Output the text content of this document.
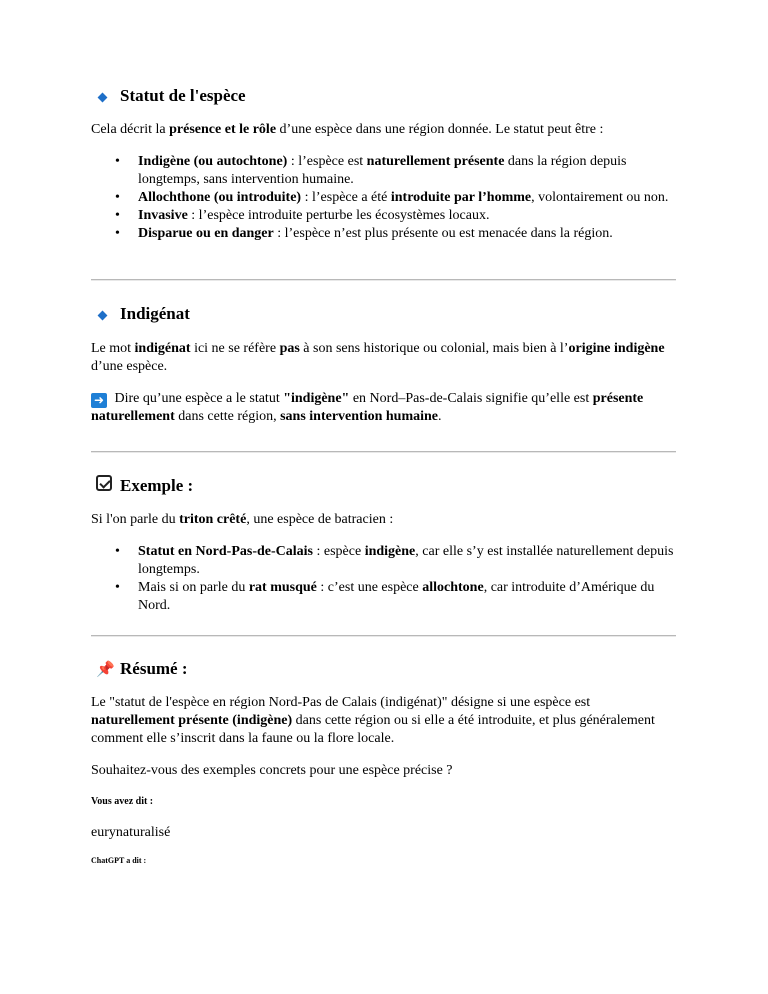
Statut de l'espèce

Cela décrit la présence et le rôle d’une espèce dans une région donnée. Le statut peut être :

• Indigène (ou autochtone) : l’espèce est naturellement présente dans la région depuis longtemps, sans intervention humaine.
• Allochthone (ou introduite) : l’espèce a été introduite par l’homme, volontairement ou non.
• Invasive : l’espèce introduite perturbe les écosystèmes locaux.
• Disparue ou en danger : l’espèce n’est plus présente ou est menacée dans la région.
Indigénat

Le mot indigénat ici ne se réfère pas à son sens historique ou colonial, mais bien à l’origine indigène d’une espèce.

➜ Dire qu’une espèce a le statut "indigène" en Nord–Pas-de-Calais signifie qu’elle est présente naturellement dans cette région, sans intervention humaine.

Exemple :

Si l'on parle du triton crêté, une espèce de batracien :

• Statut en Nord-Pas-de-Calais : espèce indigène, car elle s’y est installée naturellement depuis longtemps.
• Mais si on parle du rat musqué : c’est une espèce allochtone, car introduite d’Amérique du Nord.
📌 Résumé :

Le "statut de l'espèce en région Nord-Pas de Calais (indigénat)" désigne si une espèce est naturellement présente (indigène) dans cette région ou si elle a été introduite, et plus généralement comment elle s’inscrit dans la faune ou la flore locale.

Souhaitez-vous des exemples concrets pour une espèce précise ?

Vous avez dit :

eurynaturalisé

ChatGPT a dit :
